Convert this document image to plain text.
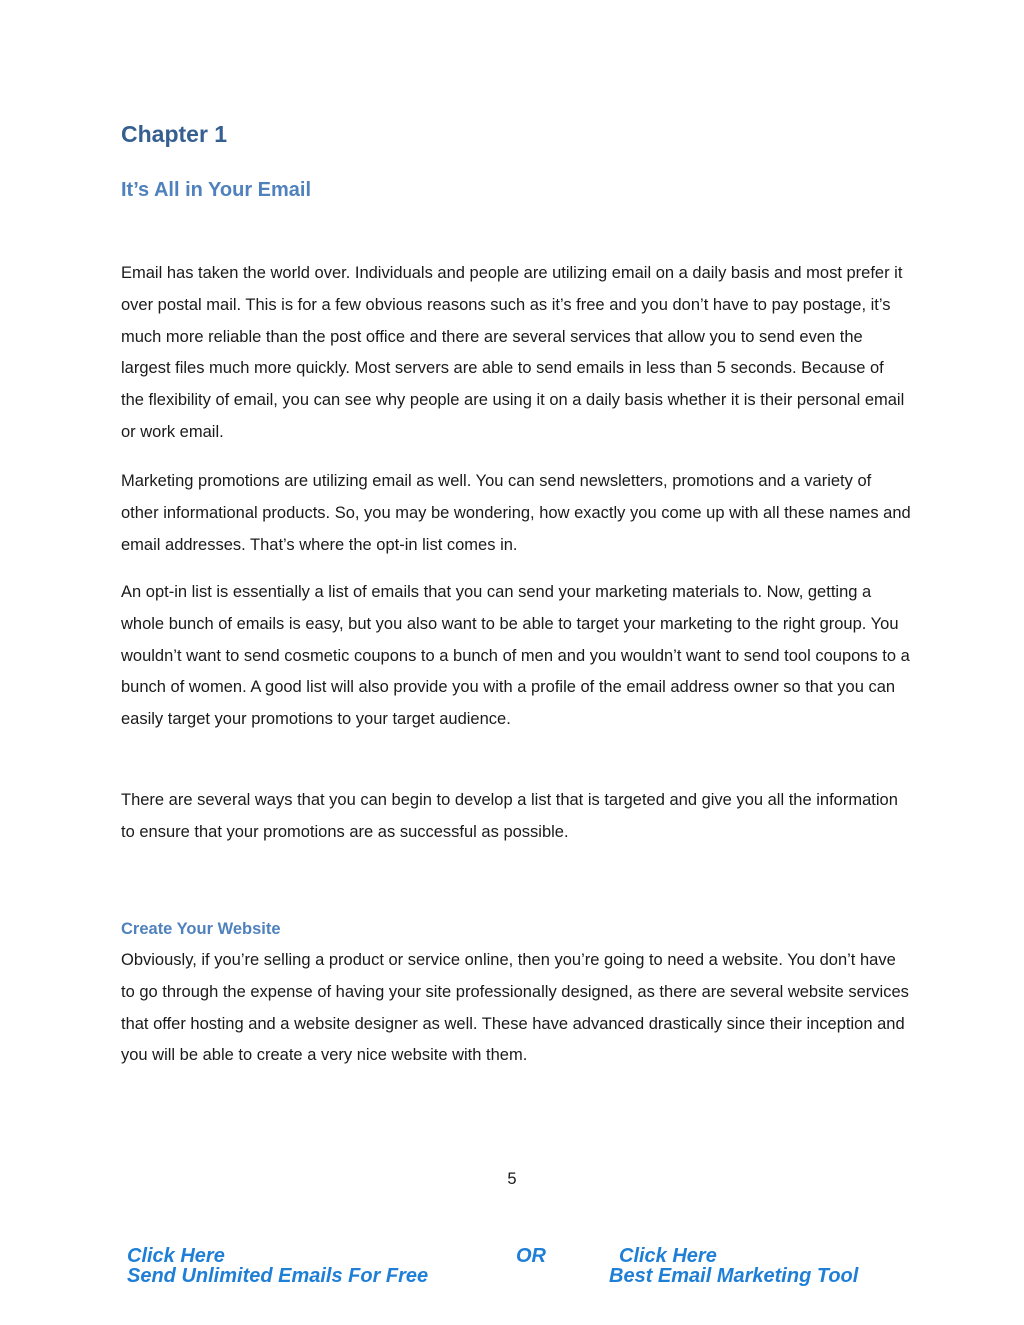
Chapter 1
It’s All in Your Email

Email has taken the world over. Individuals and people are utilizing email on a daily basis and most prefer it over postal mail. This is for a few obvious reasons such as it’s free and you don’t have to pay postage, it’s much more reliable than the post office and there are several services that allow you to send even the largest files much more quickly. Most servers are able to send emails in less than 5 seconds. Because of the flexibility of email, you can see why people are using it on a daily basis whether it is their personal email or work email.

Marketing promotions are utilizing email as well. You can send newsletters, promotions and a variety of other informational products. So, you may be wondering, how exactly you come up with all these names and email addresses. That’s where the opt-in list comes in.

An opt-in list is essentially a list of emails that you can send your marketing materials to. Now, getting a whole bunch of emails is easy, but you also want to be able to target your marketing to the right group. You wouldn’t want to send cosmetic coupons to a bunch of men and you wouldn’t want to send tool coupons to a bunch of women. A good list will also provide you with a profile of the email address owner so that you can easily target your promotions to your target audience.

There are several ways that you can begin to develop a list that is targeted and give you all the information to ensure that your promotions are as successful as possible.

Create Your Website

Obviously, if you’re selling a product or service online, then you’re going to need a website. You don’t have to go through the expense of having your site professionally designed, as there are several website services that offer hosting and a website designer as well. These have advanced drastically since their inception and you will be able to create a very nice website with them.

5
Click Here
Send Unlimited Emails For Free
OR	Click Here
Best Email Marketing Tool
